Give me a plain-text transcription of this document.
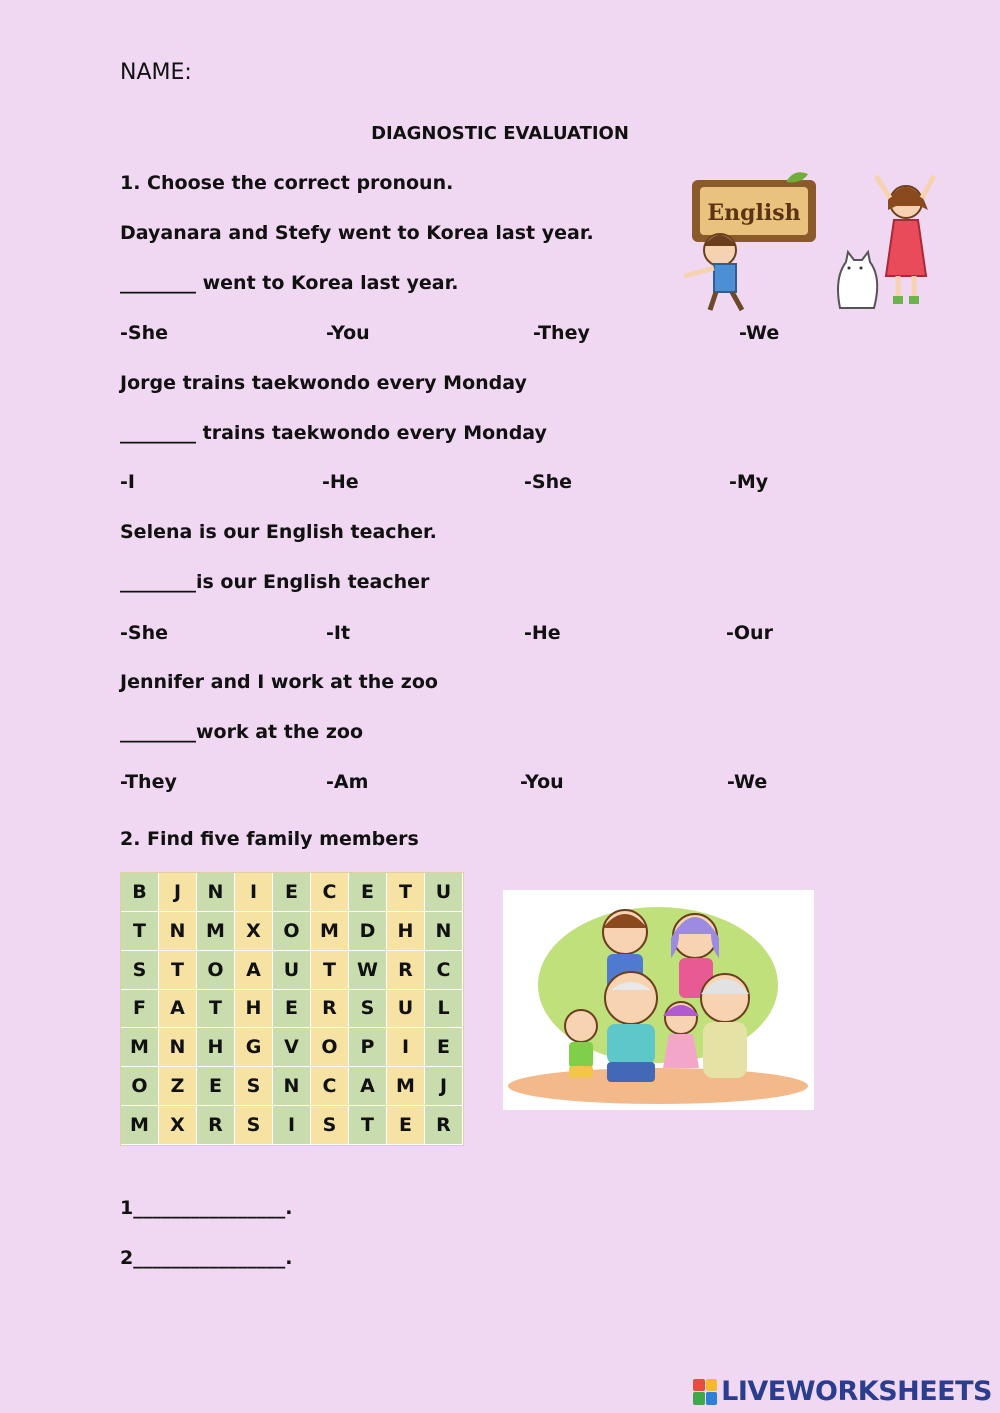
NAME:
DIAGNOSTIC EVALUATION
1. Choose the correct pronoun.
Dayanara and Stefy went to Korea last year.
________ went to Korea last year.
-She	-You	-They	-We
Jorge trains taekwondo every Monday
________ trains taekwondo every Monday
-I	-He	-She	-My
Selena is our English teacher.
________is our English teacher
-She	-It	-He	-Our
Jennifer and I work at the zoo
________work at the zoo
-They	-Am	-You	-We
English
2. Find five family members
B	J	N	I	E	C	E	T	U
T	N	M	X	O	M	D	H	N
S	T	O	A	U	T	W	R	C
F	A	T	H	E	R	S	U	L
M	N	H	G	V	O	P	I	E
O	Z	E	S	N	C	A	M	J
M	X	R	S	I	S	T	E	R
1________________.
2________________.
LIVEWORKSHEETS
